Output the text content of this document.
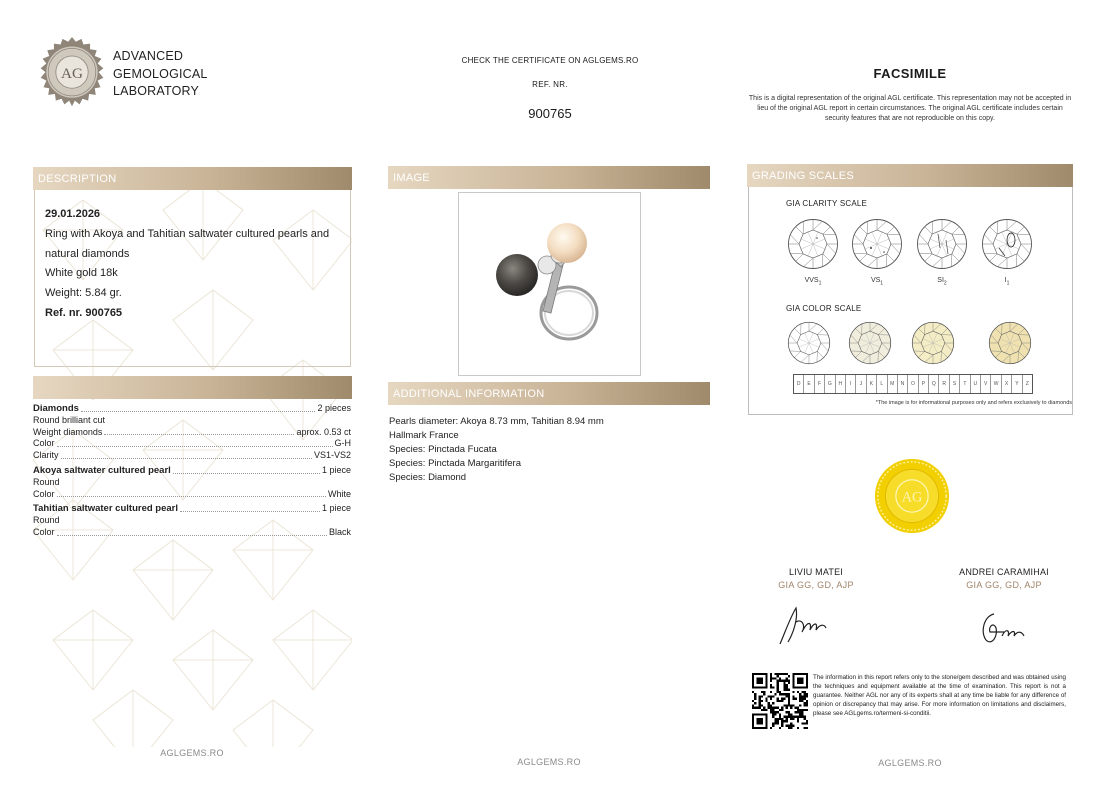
AG
ADVANCED
GEMOLOGICAL
LABORATORY
CHECK THE CERTIFICATE ON AGLGEMS.RO
REF. NR.
900765
FACSIMILE
This is a digital representation of the original AGL certificate. This representation may not be accepted in lieu of the original AGL report in certain circumstances. The original AGL certificate includes certain security features that are not reproducible on this copy.
DESCRIPTION
29.01.2026
Ring with Akoya and Tahitian saltwater cultured pearls and natural diamonds
White gold 18k
Weight: 5.84 gr.
Ref. nr. 900765
Diamonds	2 pieces
Round brilliant cut
Weight diamonds	aprox. 0.53 ct
Color	G-H
Clarity	VS1-VS2
Akoya saltwater cultured pearl	1 piece
Round
Color	White
Tahitian saltwater cultured pearl	1 piece
Round
Color	Black
IMAGE
ADDITIONAL INFORMATION
Pearls diameter: Akoya 8.73 mm, Tahitian 8.94 mm
Hallmark France
Species: Pinctada Fucata
Species: Pinctada Margaritifera
Species: Diamond
GRADING SCALES
GIA CLARITY SCALE
GIA COLOR SCALE
$VVS_1$	$VS_1$	$SI_2$	$I_1$
D	E	F	G	H	I	J	K	L	M	N	O	P	Q	R	S	T	U	V	W	X	Y	Z
*The image is for informational purposes only and refers exclusively to diamonds
AG
LIVIU MATEI
GIA GG, GD, AJP
ANDREI CARAMIHAI
GIA GG, GD, AJP
The information in this report refers only to the stone/gem described and was obtained using the techniques and equipment available at the time of examination. This report is not a guarantee. Neither AGL nor any of its experts shall at any time be liable for any difference of opinion or discrepancy that may arise. For more information on limitations and disclaimers, please see AGLgems.ro/termeni-si-conditii.
AGLGEMS.RO
AGLGEMS.RO	AGLGEMS.RO
